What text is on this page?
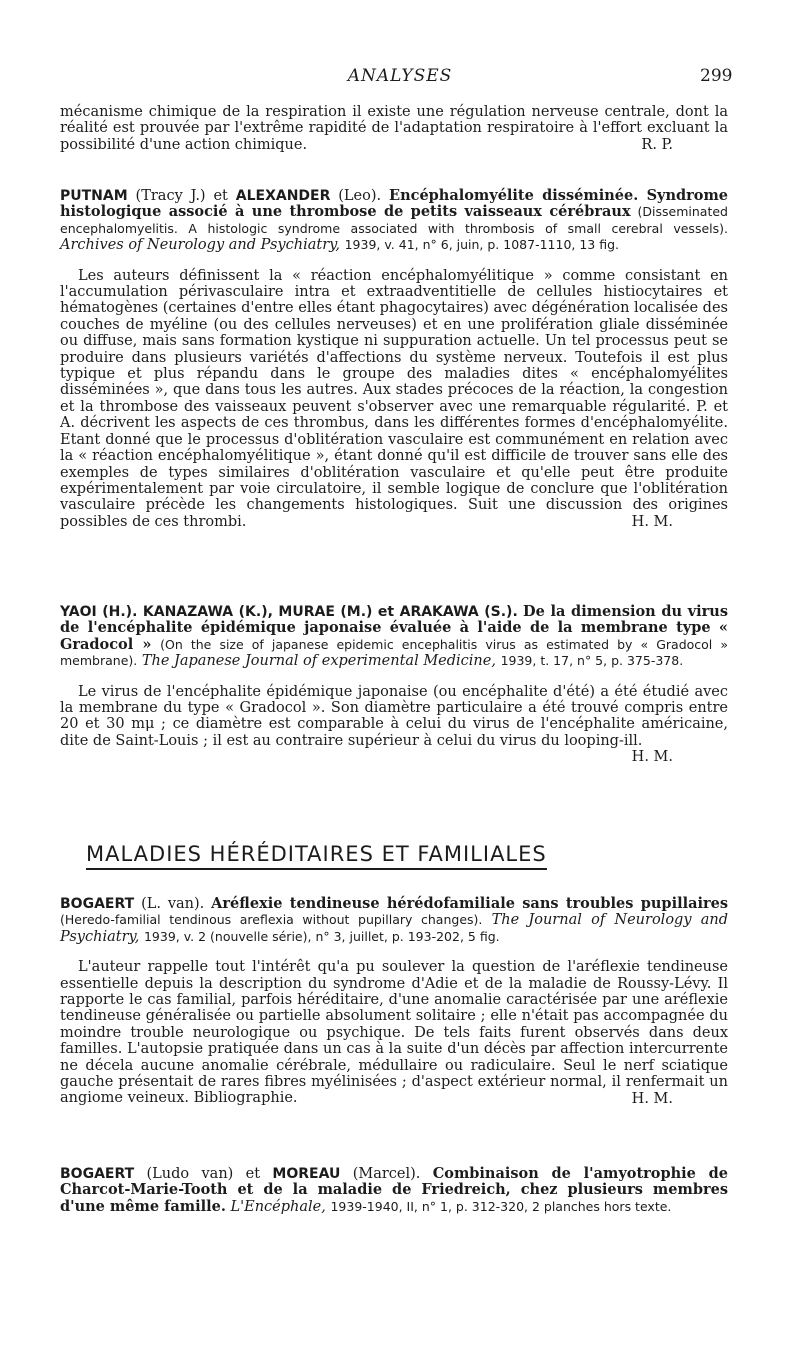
ANALYSES	299

mécanisme chimique de la respiration il existe une régulation nerveuse centrale, dont la réalité est prouvée par l'extrême rapidité de l'adaptation respiratoire à l'effort excluant la possibilité d'une action chimique.	R. P.

PUTNAM (Tracy J.) et ALEXANDER (Leo). Encéphalomyélite disséminée. Syndrome histologique associé à une thrombose de petits vaisseaux cérébraux (Disseminated encephalomyelitis. A histologic syndrome associated with thrombosis of small cerebral vessels). Archives of Neurology and Psychiatry, 1939, v. 41, n° 6, juin, p. 1087-1110, 13 fig.

Les auteurs définissent la « réaction encéphalomyélitique » comme consistant en l'accumulation périvasculaire intra et extraadventitielle de cellules histiocytaires et hématogènes (certaines d'entre elles étant phagocytaires) avec dégénération localisée des couches de myéline (ou des cellules nerveuses) et en une prolifération gliale disséminée ou diffuse, mais sans formation kystique ni suppuration actuelle. Un tel processus peut se produire dans plusieurs variétés d'affections du système nerveux. Toutefois il est plus typique et plus répandu dans le groupe des maladies dites « encéphalomyélites disséminées », que dans tous les autres. Aux stades précoces de la réaction, la congestion et la thrombose des vaisseaux peuvent s'observer avec une remarquable régularité. P. et A. décrivent les aspects de ces thrombus, dans les différentes formes d'encéphalomyélite. Etant donné que le processus d'oblitération vasculaire est communément en relation avec la « réaction encéphalomyélitique », étant donné qu'il est difficile de trouver sans elle des exemples de types similaires d'oblitération vasculaire et qu'elle peut être produite expérimentalement par voie circulatoire, il semble logique de conclure que l'oblitération vasculaire précède les changements histologiques. Suit une discussion des origines possibles de ces thrombi.	H. M.

YAOI (H.). KANAZAWA (K.), MURAE (M.) et ARAKAWA (S.). De la dimension du virus de l'encéphalite épidémique japonaise évaluée à l'aide de la membrane type « Gradocol » (On the size of japanese epidemic encephalitis virus as estimated by « Gradocol » membrane). The Japanese Journal of experimental Medicine, 1939, t. 17, n° 5, p. 375-378.

Le virus de l'encéphalite épidémique japonaise (ou encéphalite d'été) a été étudié avec la membrane du type « Gradocol ». Son diamètre particulaire a été trouvé compris entre 20 et 30 mμ ; ce diamètre est comparable à celui du virus de l'encéphalite américaine, dite de Saint-Louis ; il est au contraire supérieur à celui du virus du looping-ill.

H. M.

MALADIES HÉRÉDITAIRES ET FAMILIALES

BOGAERT (L. van). Aréflexie tendineuse hérédofamiliale sans troubles pupillaires (Heredo-familial tendinous areflexia without pupillary changes). The Journal of Neurology and Psychiatry, 1939, v. 2 (nouvelle série), n° 3, juillet, p. 193-202, 5 fig.

L'auteur rappelle tout l'intérêt qu'a pu soulever la question de l'aréflexie tendineuse essentielle depuis la description du syndrome d'Adie et de la maladie de Roussy-Lévy. Il rapporte le cas familial, parfois héréditaire, d'une anomalie caractérisée par une aréflexie tendineuse généralisée ou partielle absolument solitaire ; elle n'était pas accompagnée du moindre trouble neurologique ou psychique. De tels faits furent observés dans deux familles. L'autopsie pratiquée dans un cas à la suite d'un décès par affection intercurrente ne décela aucune anomalie cérébrale, médullaire ou radiculaire. Seul le nerf sciatique gauche présentait de rares fibres myélinisées ; d'aspect extérieur normal, il renfermait un angiome veineux. Bibliographie.	H. M.

BOGAERT (Ludo van) et MOREAU (Marcel). Combinaison de l'amyotrophie de Charcot-Marie-Tooth et de la maladie de Friedreich, chez plusieurs membres d'une même famille. L'Encéphale, 1939-1940, II, n° 1, p. 312-320, 2 planches hors texte.
